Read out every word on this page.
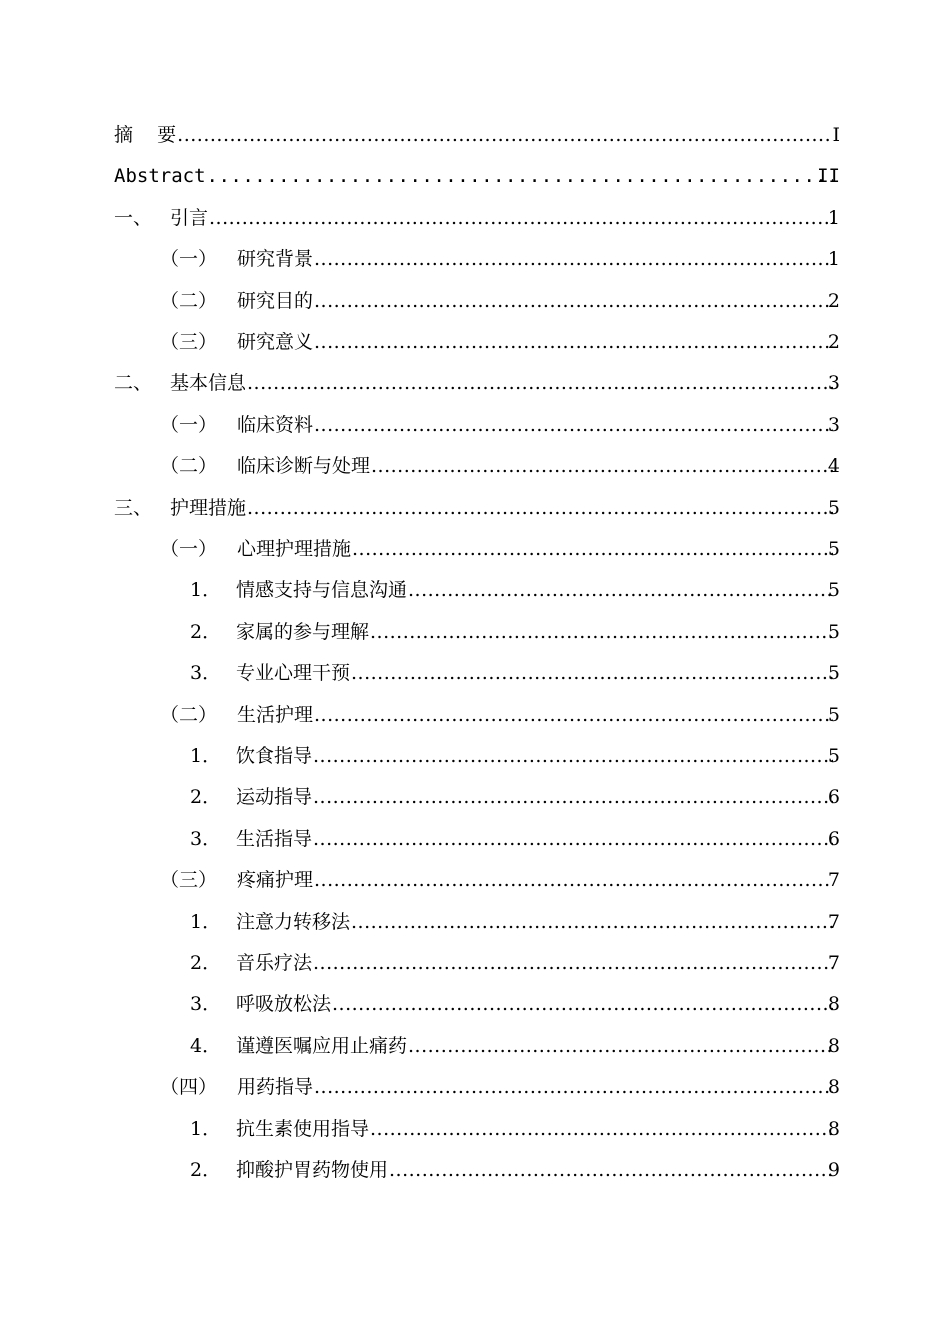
摘    要 .....	I
Abstract .....	II
一、 引言 .....	1
（一） 研究背景 .....	1
（二） 研究目的 .....	2
（三） 研究意义 .....	2
二、 基本信息 .....	3
（一） 临床资料 .....	3
（二） 临床诊断与处理 .....	4
三、 护理措施 .....	5
（一） 心理护理措施 .....	5
1． 情感支持与信息沟通 .....	5
2． 家属的参与理解 .....	5
3． 专业心理干预 .....	5
（二） 生活护理 .....	5
1． 饮食指导 .....	5
2． 运动指导 .....	6
3． 生活指导 .....	6
（三） 疼痛护理 .....	7
1． 注意力转移法 .....	7
2． 音乐疗法 .....	7
3． 呼吸放松法 .....	8
4． 谨遵医嘱应用止痛药 .....	8
（四） 用药指导 .....	8
1． 抗生素使用指导 .....	8
2． 抑酸护胃药物使用 .....	9
